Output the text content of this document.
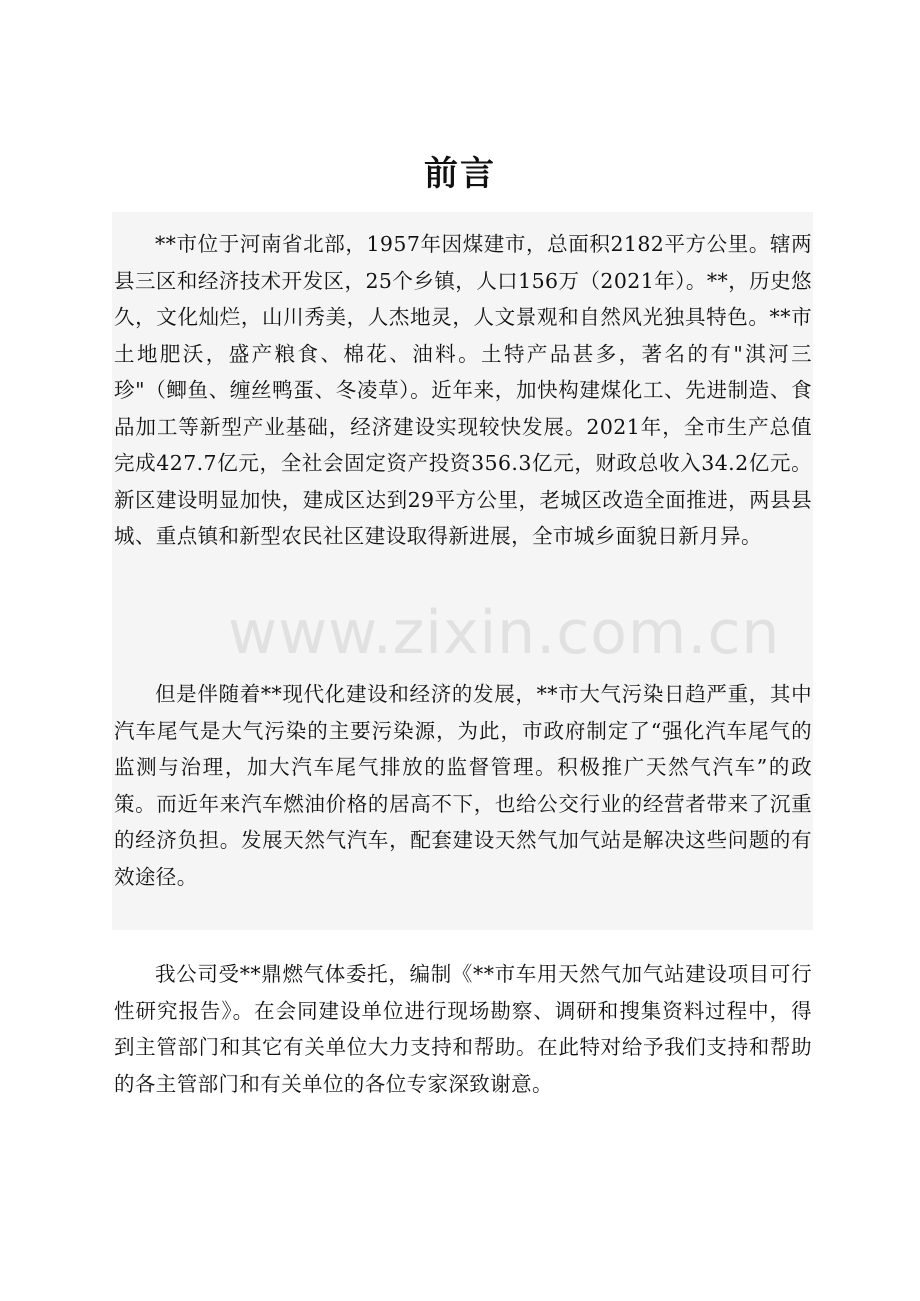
前言

**市位于河南省北部，1957年因煤建市，总面积2182平方公里。辖两县三区和经济技术开发区，25个乡镇，人口156万（2021年）。**，历史悠久，文化灿烂，山川秀美，人杰地灵，人文景观和自然风光独具特色。**市土地肥沃，盛产粮食、棉花、油料。土特产品甚多，著名的有"淇河三珍"（鲫鱼、缠丝鸭蛋、冬凌草）。近年来，加快构建煤化工、先进制造、食品加工等新型产业基础，经济建设实现较快发展。2021年，全市生产总值完成427.7亿元，全社会固定资产投资356.3亿元，财政总收入34.2亿元。新区建设明显加快，建成区达到29平方公里，老城区改造全面推进，两县县城、重点镇和新型农民社区建设取得新进展，全市城乡面貌日新月异。

但是伴随着**现代化建设和经济的发展，**市大气污染日趋严重，其中汽车尾气是大气污染的主要污染源，为此，市政府制定了“强化汽车尾气的监测与治理，加大汽车尾气排放的监督管理。积极推广天然气汽车”的政策。而近年来汽车燃油价格的居高不下，也给公交行业的经营者带来了沉重的经济负担。发展天然气汽车，配套建设天然气加气站是解决这些问题的有效途径。

我公司受**鼎燃气体委托，编制《**市车用天然气加气站建设项目可行性研究报告》。在会同建设单位进行现场勘察、调研和搜集资料过程中，得到主管部门和其它有关单位大力支持和帮助。在此特对给予我们支持和帮助的各主管部门和有关单位的各位专家深致谢意。
